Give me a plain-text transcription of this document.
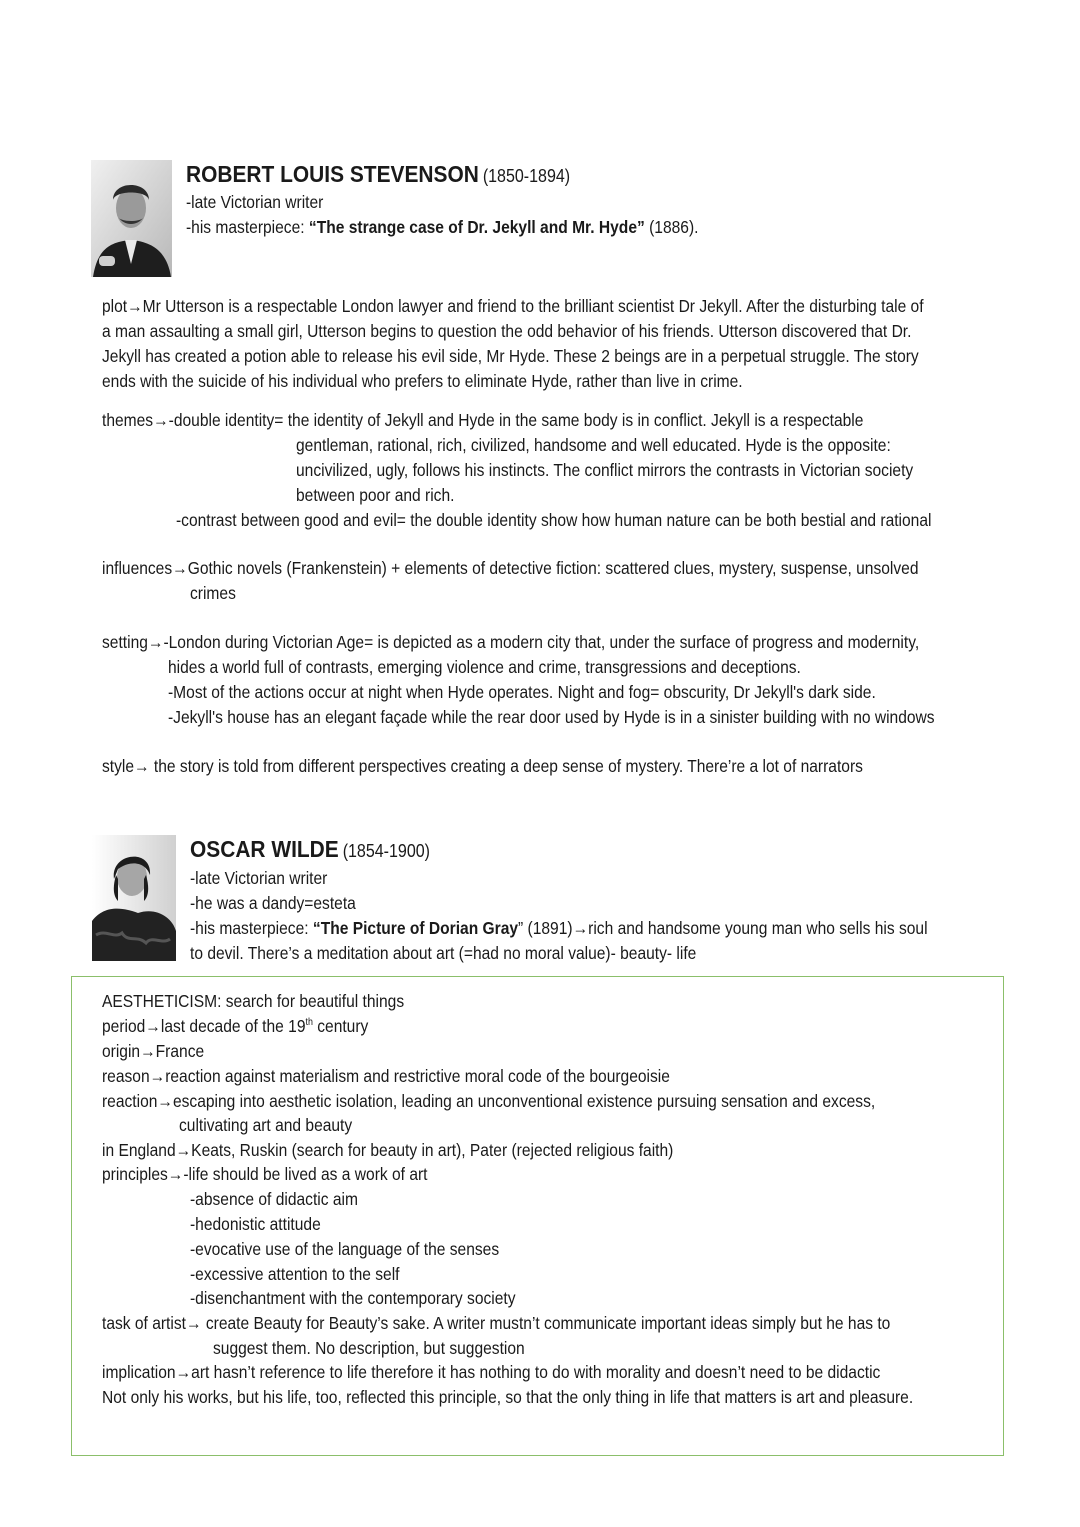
ROBERT LOUIS STEVENSON (1850-1894)
-late Victorian writer
-his masterpiece: “The strange case of Dr. Jekyll and Mr. Hyde” (1886).
plot→Mr Utterson is a respectable London lawyer and friend to the brilliant scientist Dr Jekyll. After the disturbing tale of
a man assaulting a small girl, Utterson begins to question the odd behavior of his friends. Utterson discovered that Dr.
Jekyll has created a potion able to release his evil side, Mr Hyde. These 2 beings are in a perpetual struggle. The story
ends with the suicide of his individual who prefers to eliminate Hyde, rather than live in crime.
themes→-double identity= the identity of Jekyll and Hyde in the same body is in conflict. Jekyll is a respectable
gentleman, rational, rich, civilized, handsome and well educated. Hyde is the opposite:
uncivilized, ugly, follows his instincts. The conflict mirrors the contrasts in Victorian society
between poor and rich.
-contrast between good and evil= the double identity show how human nature can be both bestial and rational
influences→Gothic novels (Frankenstein) + elements of detective fiction: scattered clues, mystery, suspense, unsolved
crimes
setting→-London during Victorian Age= is depicted as a modern city that, under the surface of progress and modernity,
hides a world full of contrasts, emerging violence and crime, transgressions and deceptions.
-Most of the actions occur at night when Hyde operates. Night and fog= obscurity, Dr Jekyll's dark side.
-Jekyll's house has an elegant façade while the rear door used by Hyde is in a sinister building with no windows
style→ the story is told from different perspectives creating a deep sense of mystery. There’re a lot of narrators
OSCAR WILDE (1854-1900)
-late Victorian writer
-he was a dandy=esteta
-his masterpiece: “The Picture of Dorian Gray” (1891)→rich and handsome young man who sells his soul
to devil. There’s a meditation about art (=had no moral value)- beauty- life
AESTHETICISM: search for beautiful things
period→last decade of the 19th century
origin→France
reason→reaction against materialism and restrictive moral code of the bourgeoisie
reaction→escaping into aesthetic isolation, leading an unconventional existence pursuing sensation and excess,
cultivating art and beauty
in England→Keats, Ruskin (search for beauty in art), Pater (rejected religious faith)
principles→-life should be lived as a work of art
-absence of didactic aim
-hedonistic attitude
-evocative use of the language of the senses
-excessive attention to the self
-disenchantment with the contemporary society
task of artist→ create Beauty for Beauty’s sake. A writer mustn’t communicate important ideas simply but he has to
suggest them. No description, but suggestion
implication→art hasn’t reference to life therefore it has nothing to do with morality and doesn’t need to be didactic
Not only his works, but his life, too, reflected this principle, so that the only thing in life that matters is art and pleasure.
